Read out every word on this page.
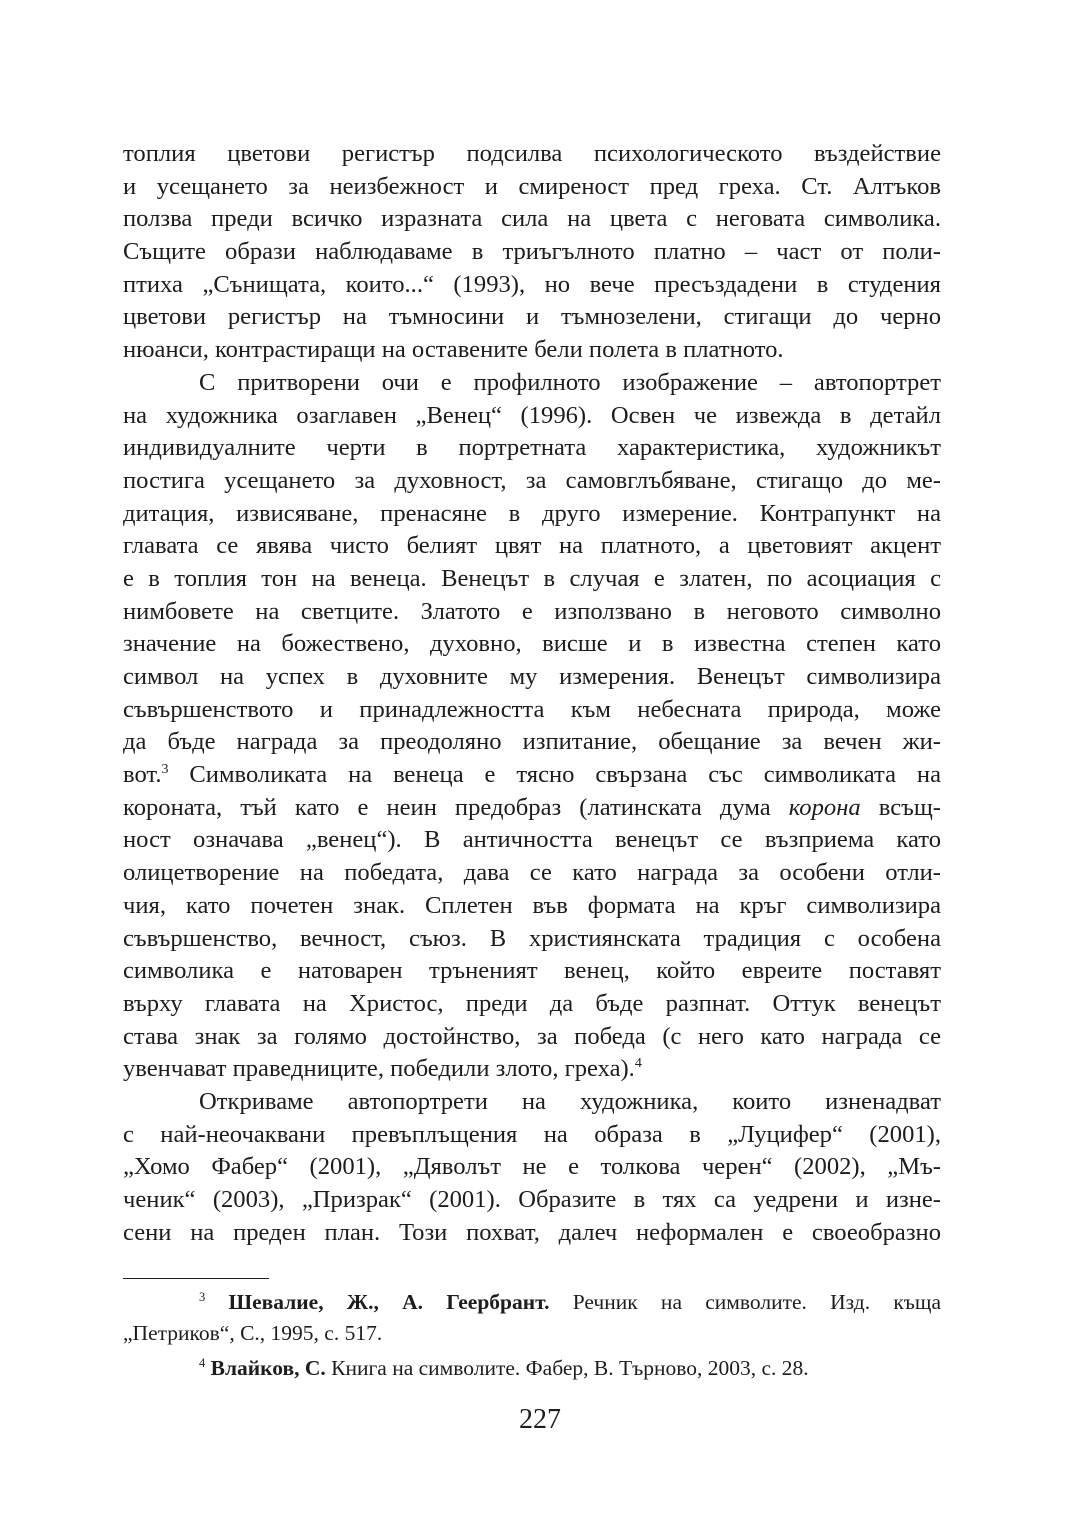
топлия цветови регистър подсилва психологическото въздействие
и усещането за неизбежност и смиреност пред греха. Ст. Алтъков
ползва преди всичко изразната сила на цвета с неговата символика.
Същите образи наблюдаваме в триъгълното платно – част от поли-
птиха „Сънищата, които...“ (1993), но вече пресъздадени в студения
цветови регистър на тъмносини и тъмнозелени, стигащи до черно
нюанси, контрастиращи на оставените бели полета в платното.
С притворени очи е профилното изображение – автопортрет
на художника озаглавен „Венец“ (1996). Освен че извежда в детайл
индивидуалните черти в портретната характеристика, художникът
постига усещането за духовност, за самовглъбяване, стигащо до ме-
дитация, извисяване, пренасяне в друго измерение. Контрапункт на
главата се явява чисто белият цвят на платното, а цветовият акцент
е в топлия тон на венеца. Венецът в случая е златен, по асоциация с
нимбовете на светците. Златото е използвано в неговото символно
значение на божествено, духовно, висше и в известна степен като
символ на успех в духовните му измерения. Венецът символизира
съвършенството и принадлежността към небесната природа, може
да бъде награда за преодоляно изпитание, обещание за вечен жи-
вот.$^3$ Символиката на венеца е тясно свързана със символиката на
короната, тъй като е неин предобраз (латинската дума корона всъщ-
ност означава „венец“). В античността венецът се възприема като
олицетворение на победата, дава се като награда за особени отли-
чия, като почетен знак. Сплетен във формата на кръг символизира
съвършенство, вечност, съюз. В християнската традиция с особена
символика е натоварен трънeният венец, който евреите поставят
върху главата на Христос, преди да бъде разпнат. Оттук венецът
става знак за голямо достойнство, за победа (с него като награда се
увенчават праведниците, победили злото, греха).$^4$
Откриваме автопортрети на художника, които изненадват
с най-неочаквани превъплъщения на образа в „Луцифер“ (2001),
„Хомо Фабер“ (2001), „Дяволът не е толкова черен“ (2002), „Мъ-
ченик“ (2003), „Призрак“ (2001). Образите в тях са уедрени и изне-
сени на преден план. Този похват, далеч неформален е своеобразно
$^3$ Шевалие, Ж., А. Геербрант. Речник на символите. Изд. къща
„Петриков“, С., 1995, с. 517.
$^4$ Влайков, С. Книга на символите. Фабер, В. Търново, 2003, с. 28.
227
